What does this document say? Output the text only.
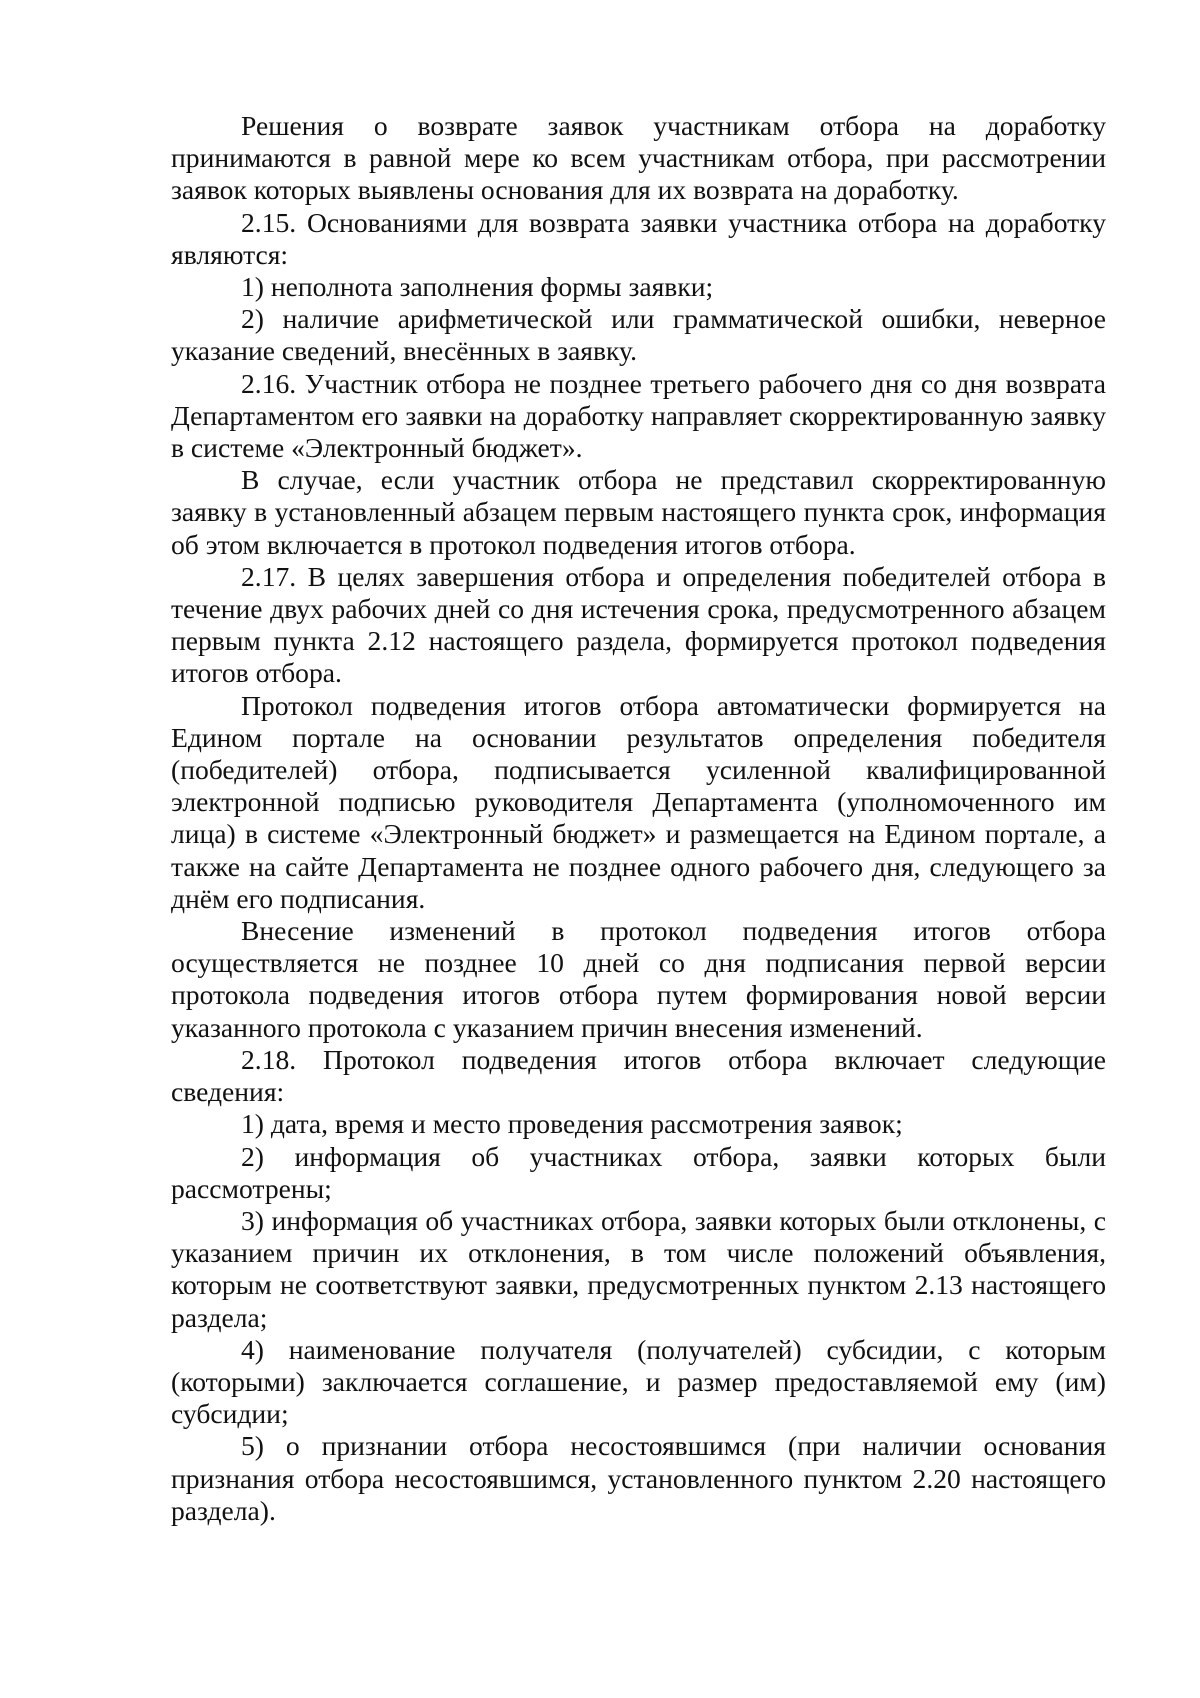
Решения о возврате заявок участникам отбора на доработку принимаются в равной мере ко всем участникам отбора, при рассмотрении заявок которых выявлены основания для их возврата на доработку.

2.15. Основаниями для возврата заявки участника отбора на доработку являются:

1) неполнота заполнения формы заявки;

2) наличие арифметической или грамматической ошибки, неверное указание сведений, внесённых в заявку.

2.16. Участник отбора не позднее третьего рабочего дня со дня возврата Департаментом его заявки на доработку направляет скорректированную заявку в системе «Электронный бюджет».

В случае, если участник отбора не представил скорректированную заявку в установленный абзацем первым настоящего пункта срок, информация об этом включается в протокол подведения итогов отбора.

2.17. В целях завершения отбора и определения победителей отбора в течение двух рабочих дней со дня истечения срока, предусмотренного абзацем первым пункта 2.12 настоящего раздела, формируется протокол подведения итогов отбора.

Протокол подведения итогов отбора автоматически формируется на Едином портале на основании результатов определения победителя (победителей) отбора, подписывается усиленной квалифицированной электронной подписью руководителя Департамента (уполномоченного им лица) в системе «Электронный бюджет» и размещается на Едином портале, а также на сайте Департамента не позднее одного рабочего дня, следующего за днём его подписания.

Внесение изменений в протокол подведения итогов отбора осуществляется не позднее 10 дней со дня подписания первой версии протокола подведения итогов отбора путем формирования новой версии указанного протокола с указанием причин внесения изменений.

2.18. Протокол подведения итогов отбора включает следующие сведения:

1) дата, время и место проведения рассмотрения заявок;

2) информация об участниках отбора, заявки которых были рассмотрены;

3) информация об участниках отбора, заявки которых были отклонены, с указанием причин их отклонения, в том числе положений объявления, которым не соответствуют заявки, предусмотренных пунктом 2.13 настоящего раздела;

4) наименование получателя (получателей) субсидии, с которым (которыми) заключается соглашение, и размер предоставляемой ему (им) субсидии;

5) о признании отбора несостоявшимся (при наличии основания признания отбора несостоявшимся, установленного пунктом 2.20 настоящего раздела).
